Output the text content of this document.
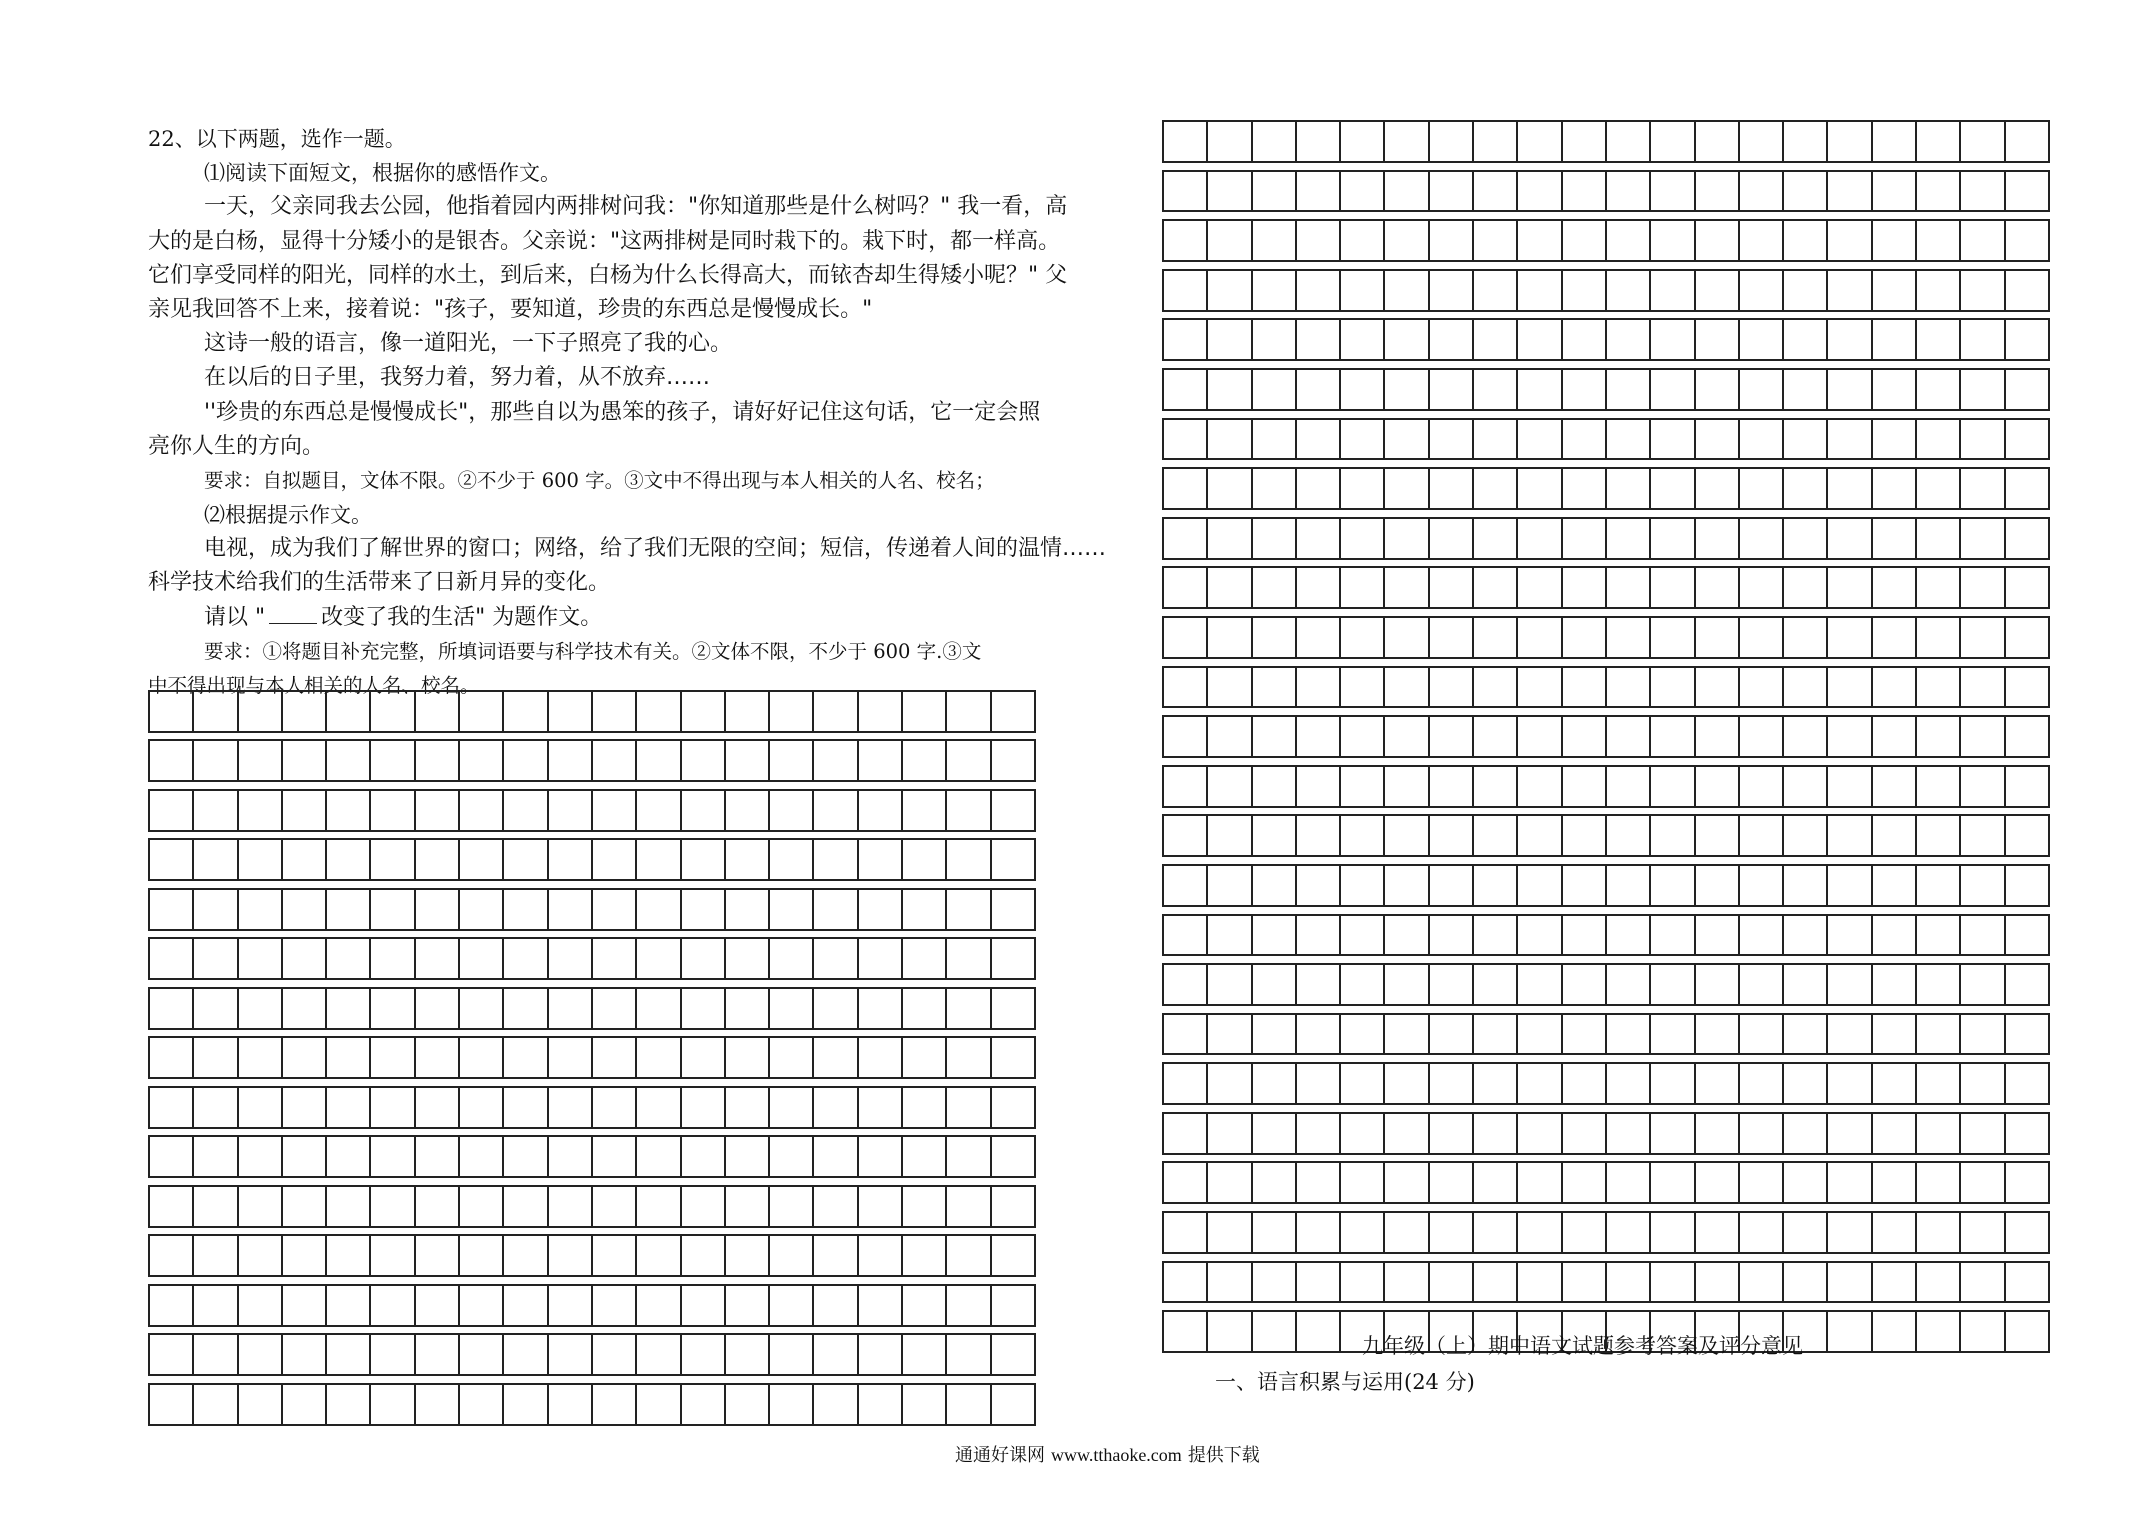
22、以下两题，选作一题。
⑴阅读下面短文，根据你的感悟作文。
一天，父亲同我去公园，他指着园内两排树问我："你知道那些是什么树吗？" 我一看，高
大的是白杨，显得十分矮小的是银杏。父亲说："这两排树是同时栽下的。栽下时，都一样高。
它们享受同样的阳光，同样的水土，到后来，白杨为什么长得高大，而铱杏却生得矮小呢？" 父
亲见我回答不上来，接着说："孩子，要知道，珍贵的东西总是慢慢成长。"
这诗一般的语言，像一道阳光，一下子照亮了我的心。
在以后的日子里，我努力着，努力着，从不放弃……
''珍贵的东西总是慢慢成长"，那些自以为愚笨的孩子，请好好记住这句话，它一定会照
亮你人生的方向。
要求：自拟题目，文体不限。②不少于 600 字。③文中不得出现与本人相关的人名、校名；
⑵根据提示作文。
电视，成为我们了解世界的窗口；网络，给了我们无限的空间；短信，传递着人间的温情……
科学技术给我们的生活带来了日新月异的变化。
请以 "	改变了我的生活" 为题作文。
要求：①将题目补充完整，所填词语要与科学技术有关。②文体不限，不少于 600 字.③文
中不得出现与本人相关的人名、校名。
九年级（上）期中语文试题参考答案及评分意见
一、语言积累与运用(24 分)
通通好课网 www.tthaoke.com 提供下载
